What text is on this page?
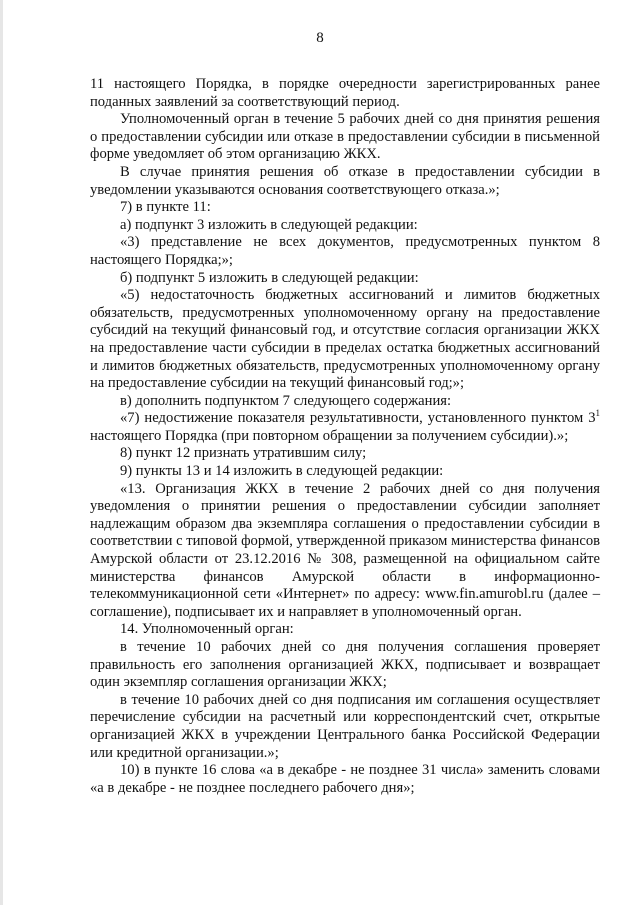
8

11 настоящего Порядка, в порядке очередности зарегистрированных ранее поданных заявлений за соответствующий период.

Уполномоченный орган в течение 5 рабочих дней со дня принятия решения о предоставлении субсидии или отказе в предоставлении субсидии в письменной форме уведомляет об этом организацию ЖКХ.

В случае принятия решения об отказе в предоставлении субсидии в уведомлении указываются основания соответствующего отказа.»;

7) в пункте 11:

а) подпункт 3 изложить в следующей редакции:

«3) представление не всех документов, предусмотренных пунктом 8 настоящего Порядка;»;

б) подпункт 5 изложить в следующей редакции:

«5) недостаточность бюджетных ассигнований и лимитов бюджетных обязательств, предусмотренных уполномоченному органу на предоставление субсидий на текущий финансовый год, и отсутствие согласия организации ЖКХ на предоставление части субсидии в пределах остатка бюджетных ассигнований и лимитов бюджетных обязательств, предусмотренных уполномоченному органу на предоставление субсидии на текущий финансовый год;»;

в) дополнить подпунктом 7 следующего содержания:

«7) недостижение показателя результативности, установленного пунктом $3^1$ настоящего Порядка (при повторном обращении за получением субсидии).»;

8) пункт 12 признать утратившим силу;

9) пункты 13 и 14 изложить в следующей редакции:

«13. Организация ЖКХ в течение 2 рабочих дней со дня получения уведомления о принятии решения о предоставлении субсидии заполняет надлежащим образом два экземпляра соглашения о предоставлении субсидии в соответствии с типовой формой, утвержденной приказом министерства финансов Амурской области от 23.12.2016 № 308, размещенной на официальном сайте министерства финансов Амурской области в информационно-телекоммуникационной сети «Интернет» по адресу: www.fin.amurobl.ru (далее – соглашение), подписывает их и направляет в уполномоченный орган.

14. Уполномоченный орган:

в течение 10 рабочих дней со дня получения соглашения проверяет правильность его заполнения организацией ЖКХ, подписывает и возвращает один экземпляр соглашения организации ЖКХ;

в течение 10 рабочих дней со дня подписания им соглашения осуществляет перечисление субсидии на расчетный или корреспондентский счет, открытые организацией ЖКХ в учреждении Центрального банка Российской Федерации или кредитной организации.»;

10) в пункте 16 слова «а в декабре - не позднее 31 числа» заменить словами «а в декабре - не позднее последнего рабочего дня»;
